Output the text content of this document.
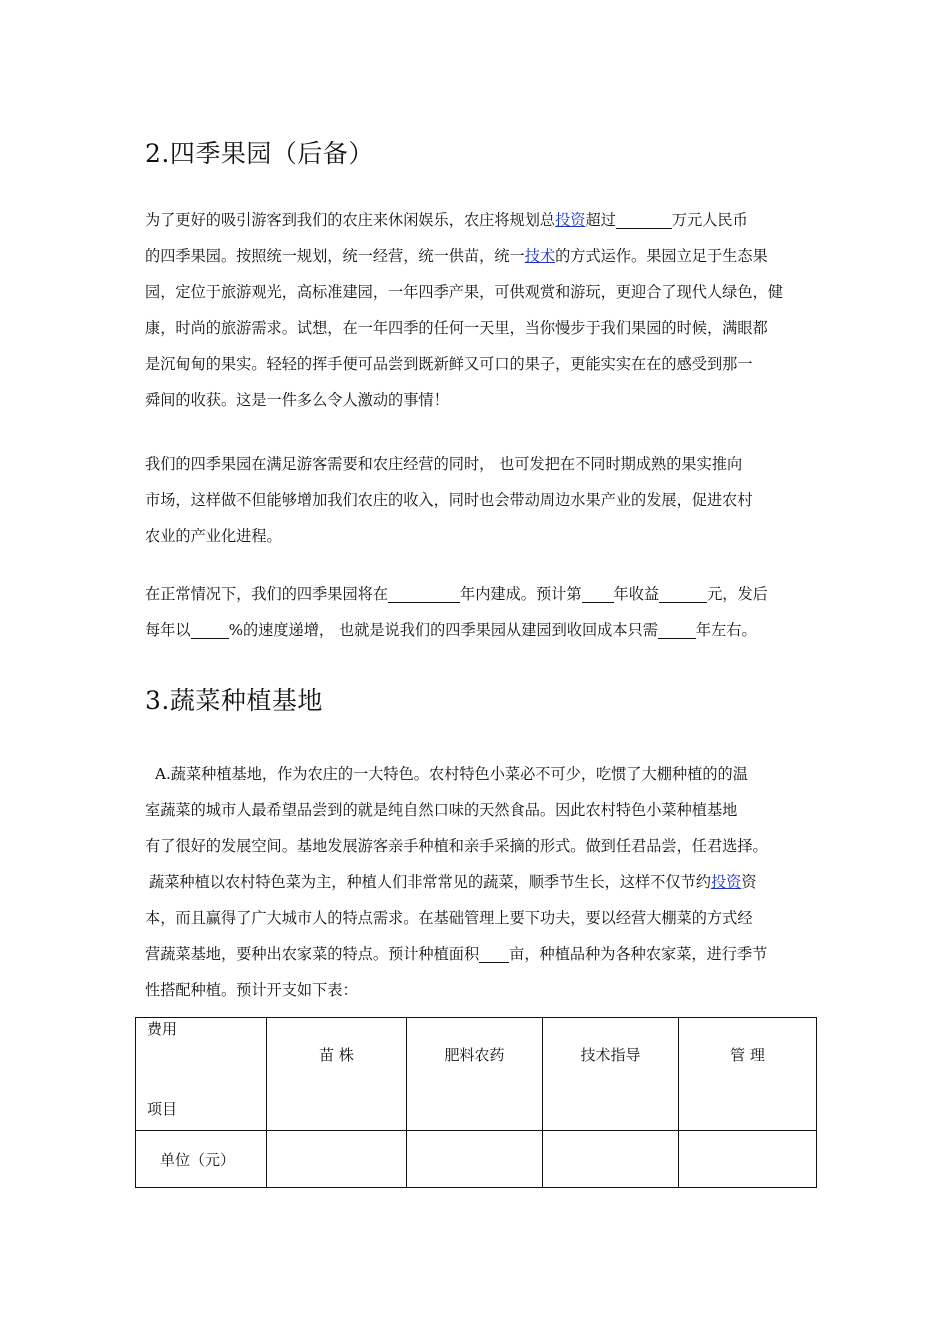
2.四季果园（后备）
为了更好的吸引游客到我们的农庄来休闲娱乐，农庄将规划总投资超过	万元人民币
的四季果园。按照统一规划，统一经营，统一供苗，统一技术的方式运作。果园立足于生态果
园，定位于旅游观光，高标准建园，一年四季产果，可供观赏和游玩，更迎合了现代人绿色，健
康，时尚的旅游需求。试想，在一年四季的任何一天里，当你慢步于我们果园的时候，满眼都
是沉甸甸的果实。轻轻的挥手便可品尝到既新鲜又可口的果子，更能实实在在的感受到那一
舜间的收获。这是一件多么令人激动的事情！
我们的四季果园在满足游客需要和农庄经营的同时， 也可发把在不同时期成熟的果实推向
市场，这样做不但能够增加我们农庄的收入，同时也会带动周边水果产业的发展，促进农村
农业的产业化进程。
在正常情况下，我们的四季果园将在	年内建成。预计第 年收益	元，发后
每年以	%的速度递增， 也就是说我们的四季果园从建园到收回成本只需	年左右。
3.蔬菜种植基地
A.蔬菜种植基地，作为农庄的一大特色。农村特色小菜必不可少，吃惯了大棚种植的的温
室蔬菜的城市人最希望品尝到的就是纯自然口味的天然食品。因此农村特色小菜种植基地
有了很好的发展空间。基地发展游客亲手种植和亲手采摘的形式。做到任君品尝，任君选择。
蔬菜种植以农村特色菜为主，种植人们非常常见的蔬菜，顺季节生长，这样不仅节约投资资
本，而且赢得了广大城市人的特点需求。在基础管理上要下功夫，要以经营大棚菜的方式经
营蔬菜基地，要种出农家菜的特点。预计种植面积 亩，种植品种为各种农家菜，进行季节
性搭配种植。预计开支如下表：
费用
项目	苗 株	肥料农药	技术指导	管 理
单位（元）				
